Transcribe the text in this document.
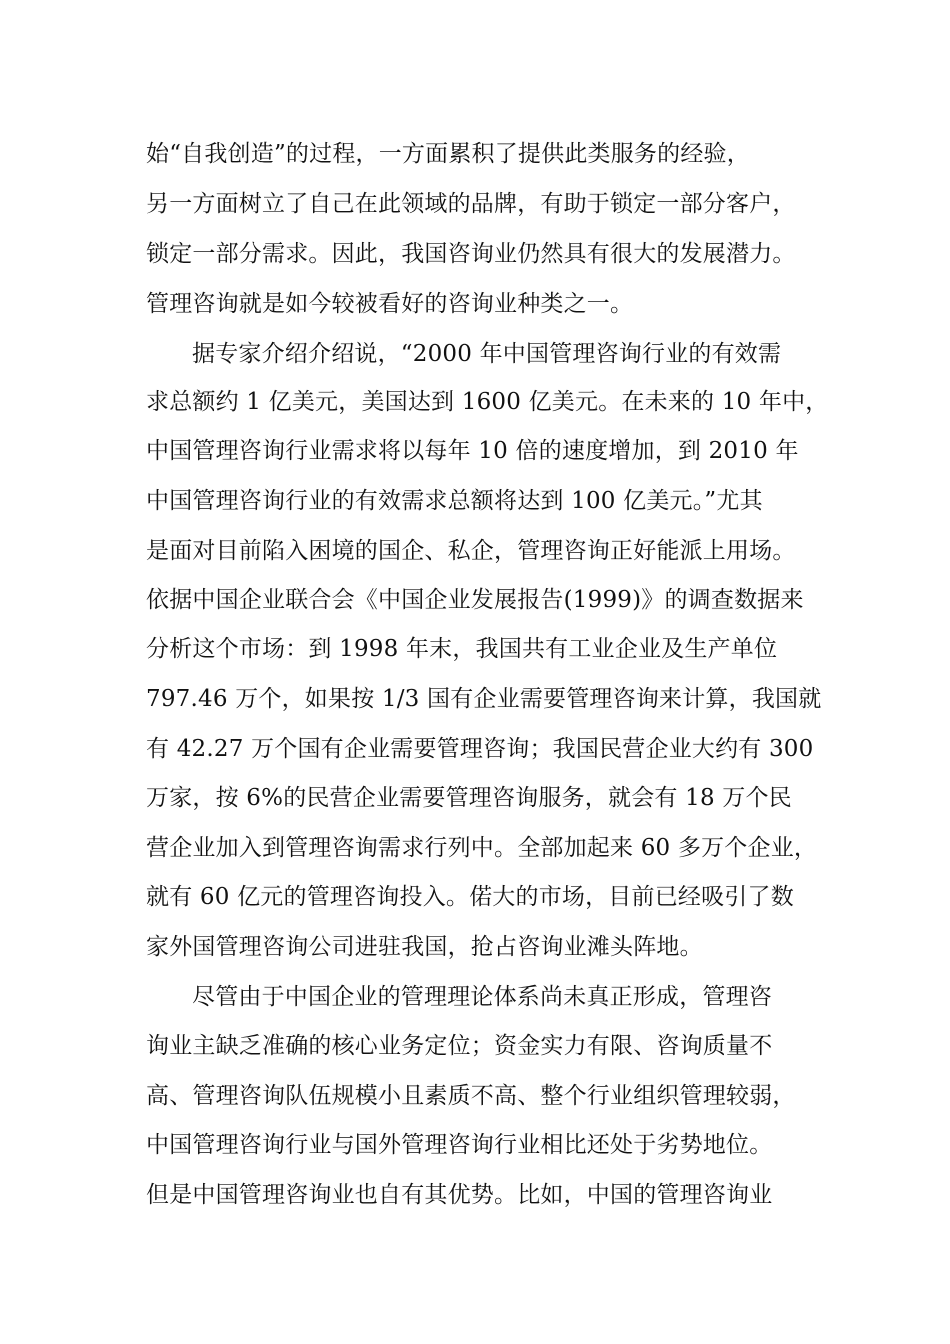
始“自我创造”的过程，一方面累积了提供此类服务的经验，
另一方面树立了自己在此领域的品牌，有助于锁定一部分客户，
锁定一部分需求。因此，我国咨询业仍然具有很大的发展潜力。
管理咨询就是如今较被看好的咨询业种类之一。
据专家介绍介绍说，“2000 年中国管理咨询行业的有效需
求总额约 1 亿美元，美国达到 1600 亿美元。在未来的 10 年中，
中国管理咨询行业需求将以每年 10 倍的速度增加，到 2010 年
中国管理咨询行业的有效需求总额将达到 100 亿美元。”尤其
是面对目前陷入困境的国企、私企，管理咨询正好能派上用场。
依据中国企业联合会《中国企业发展报告(1999)》的调查数据来
分析这个市场：到 1998 年末，我国共有工业企业及生产单位
797.46 万个，如果按 1/3 国有企业需要管理咨询来计算，我国就
有 42.27 万个国有企业需要管理咨询；我国民营企业大约有 300
万家，按 6%的民营企业需要管理咨询服务，就会有 18 万个民
营企业加入到管理咨询需求行列中。全部加起来 60 多万个企业，
就有 60 亿元的管理咨询投入。偌大的市场，目前已经吸引了数
家外国管理咨询公司进驻我国，抢占咨询业滩头阵地。
尽管由于中国企业的管理理论体系尚未真正形成，管理咨
询业主缺乏准确的核心业务定位；资金实力有限、咨询质量不
高、管理咨询队伍规模小且素质不高、整个行业组织管理较弱，
中国管理咨询行业与国外管理咨询行业相比还处于劣势地位。
但是中国管理咨询业也自有其优势。比如，中国的管理咨询业
